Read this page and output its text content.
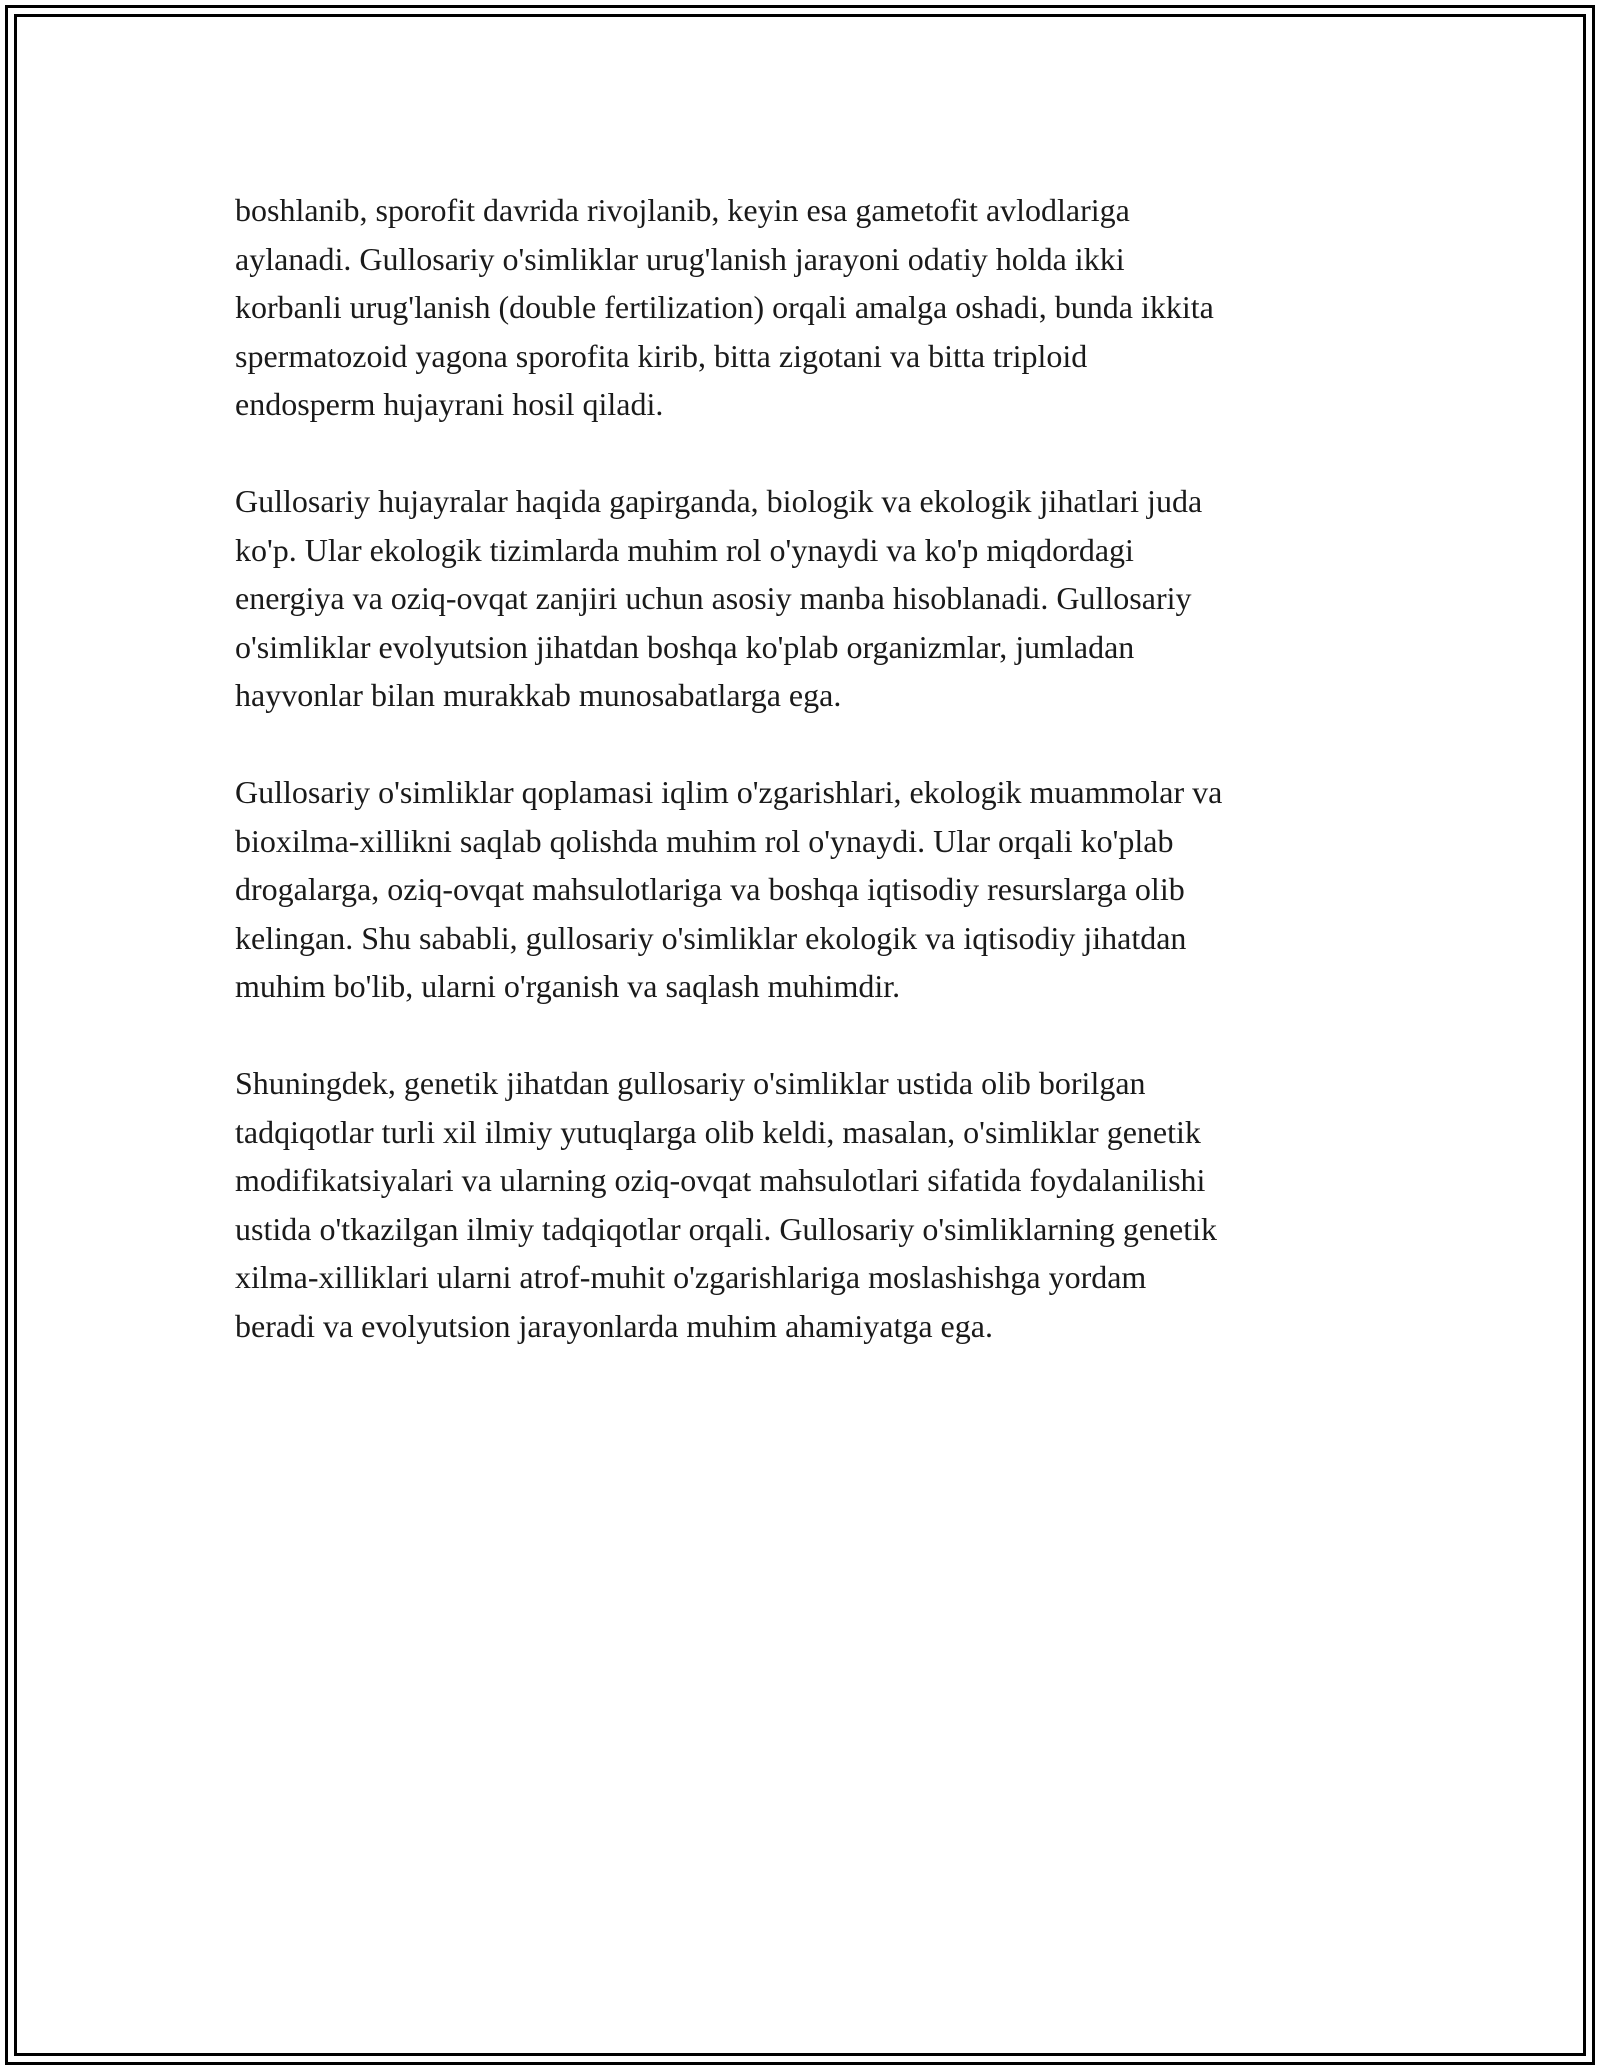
boshlanib, sporofit davrida rivojlanib, keyin esa gametofit avlodlariga
aylanadi. Gullosariy o'simliklar urug'lanish jarayoni odatiy holda ikki
korbanli urug'lanish (double fertilization) orqali amalga oshadi, bunda ikkita
spermatozoid yagona sporofita kirib, bitta zigotani va bitta triploid
endosperm hujayrani hosil qiladi.

Gullosariy hujayralar haqida gapirganda, biologik va ekologik jihatlari juda
ko'p. Ular ekologik tizimlarda muhim rol o'ynaydi va ko'p miqdordagi
energiya va oziq-ovqat zanjiri uchun asosiy manba hisoblanadi. Gullosariy
o'simliklar evolyutsion jihatdan boshqa ko'plab organizmlar, jumladan
hayvonlar bilan murakkab munosabatlarga ega.

Gullosariy o'simliklar qoplamasi iqlim o'zgarishlari, ekologik muammolar va
bioxilma-xillikni saqlab qolishda muhim rol o'ynaydi. Ular orqali ko'plab
drogalarga, oziq-ovqat mahsulotlariga va boshqa iqtisodiy resurslarga olib
kelingan. Shu sababli, gullosariy o'simliklar ekologik va iqtisodiy jihatdan
muhim bo'lib, ularni o'rganish va saqlash muhimdir.

Shuningdek, genetik jihatdan gullosariy o'simliklar ustida olib borilgan
tadqiqotlar turli xil ilmiy yutuqlarga olib keldi, masalan, o'simliklar genetik
modifikatsiyalari va ularning oziq-ovqat mahsulotlari sifatida foydalanilishi
ustida o'tkazilgan ilmiy tadqiqotlar orqali. Gullosariy o'simliklarning genetik
xilma-xilliklari ularni atrof-muhit o'zgarishlariga moslashishga yordam
beradi va evolyutsion jarayonlarda muhim ahamiyatga ega.
